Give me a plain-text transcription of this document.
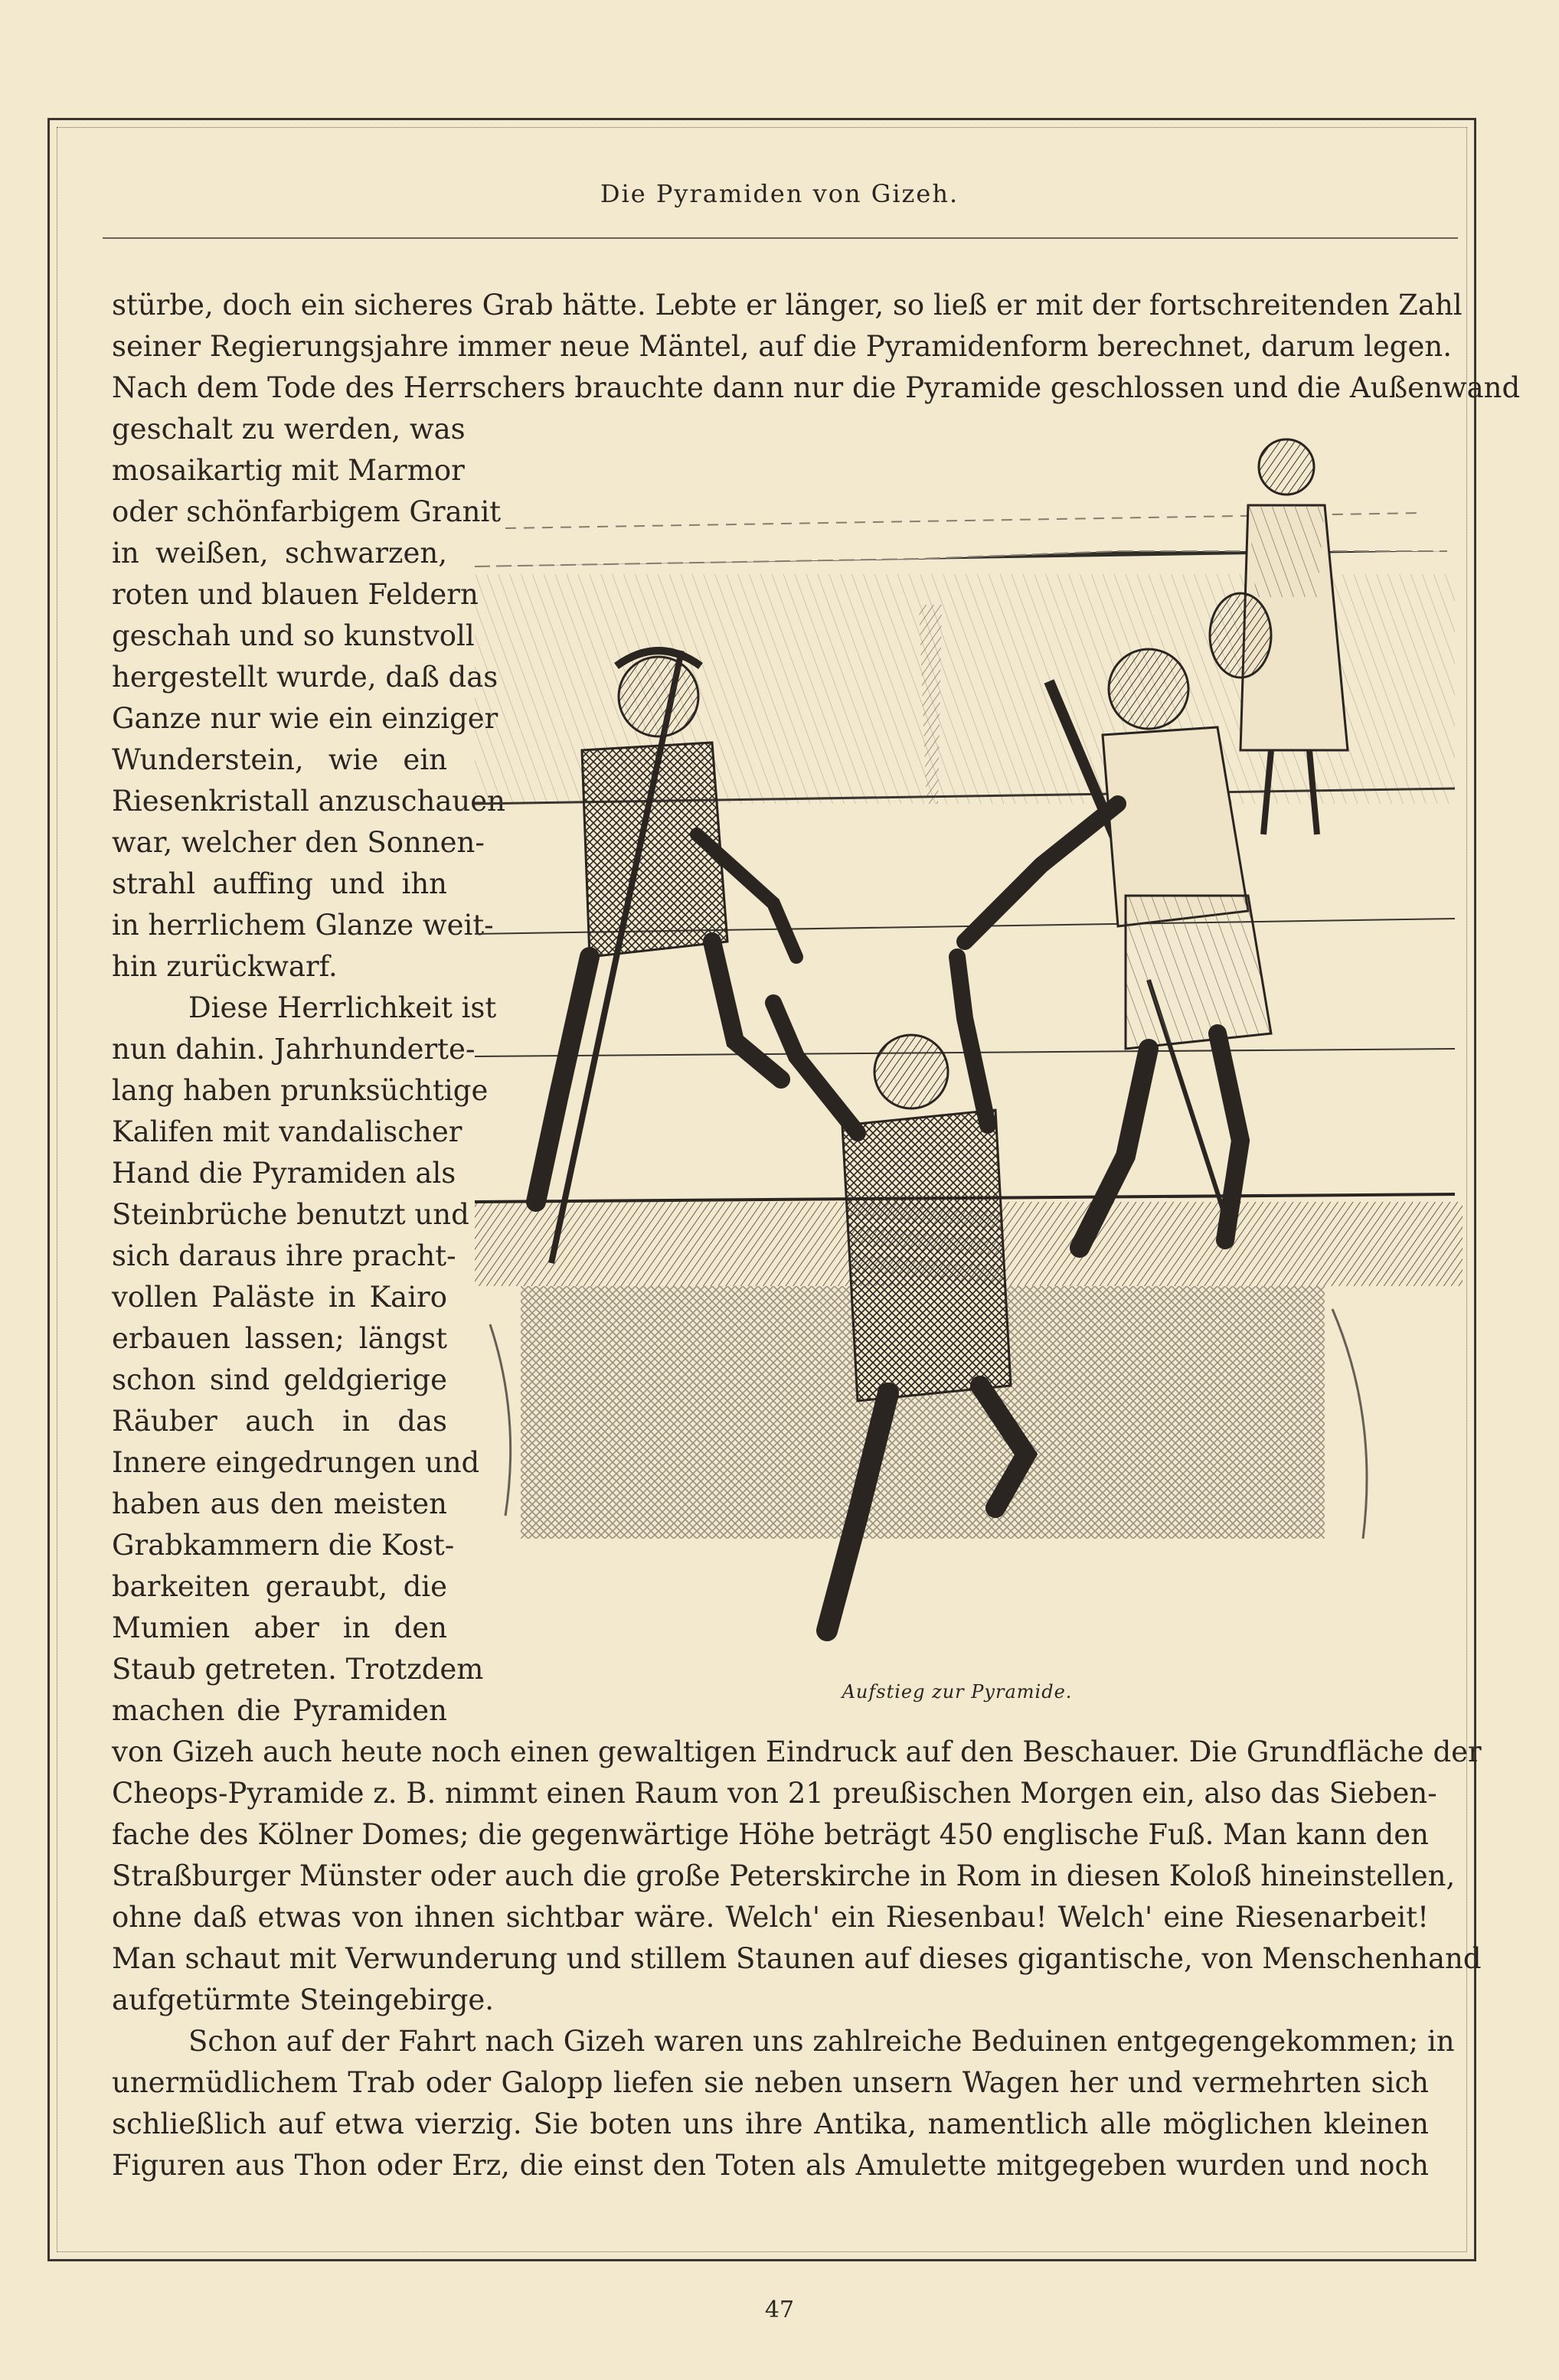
Die Pyramiden von Gizeh.
stürbe, doch ein sicheres Grab hätte. Lebte er länger, so ließ er mit der fortschreitenden Zahl
seiner Regierungsjahre immer neue Mäntel, auf die Pyramidenform berechnet, darum legen.
Nach dem Tode des Herrschers brauchte dann nur die Pyramide geschlossen und die Außenwand
geschalt zu werden, was
mosaikartig mit Marmor
oder schönfarbigem Granit
in weißen, schwarzen,
roten und blauen Feldern
geschah und so kunstvoll
hergestellt wurde, daß das
Ganze nur wie ein einziger
Wunderstein, wie ein
Riesenkristall anzuschauen
war, welcher den Sonnen-
strahl auffing und ihn
in herrlichem Glanze weit-
hin zurückwarf.
Diese Herrlichkeit ist
nun dahin. Jahrhunderte-
lang haben prunksüchtige
Kalifen mit vandalischer
Hand die Pyramiden als
Steinbrüche benutzt und
sich daraus ihre pracht-
vollen Paläste in Kairo
erbauen lassen; längst
schon sind geldgierige
Räuber auch in das
Innere eingedrungen und
haben aus den meisten
Grabkammern die Kost-
barkeiten geraubt, die
Mumien aber in den
Staub getreten. Trotzdem
machen die Pyramiden
Aufstieg zur Pyramide.
von Gizeh auch heute noch einen gewaltigen Eindruck auf den Beschauer. Die Grundfläche der
Cheops-Pyramide z. B. nimmt einen Raum von 21 preußischen Morgen ein, also das Sieben-
fache des Kölner Domes; die gegenwärtige Höhe beträgt 450 englische Fuß. Man kann den
Straßburger Münster oder auch die große Peterskirche in Rom in diesen Koloß hineinstellen,
ohne daß etwas von ihnen sichtbar wäre. Welch' ein Riesenbau! Welch' eine Riesenarbeit!
Man schaut mit Verwunderung und stillem Staunen auf dieses gigantische, von Menschenhand
aufgetürmte Steingebirge.
Schon auf der Fahrt nach Gizeh waren uns zahlreiche Beduinen entgegengekommen; in
unermüdlichem Trab oder Galopp liefen sie neben unsern Wagen her und vermehrten sich
schließlich auf etwa vierzig. Sie boten uns ihre Antika, namentlich alle möglichen kleinen
Figuren aus Thon oder Erz, die einst den Toten als Amulette mitgegeben wurden und noch
47
